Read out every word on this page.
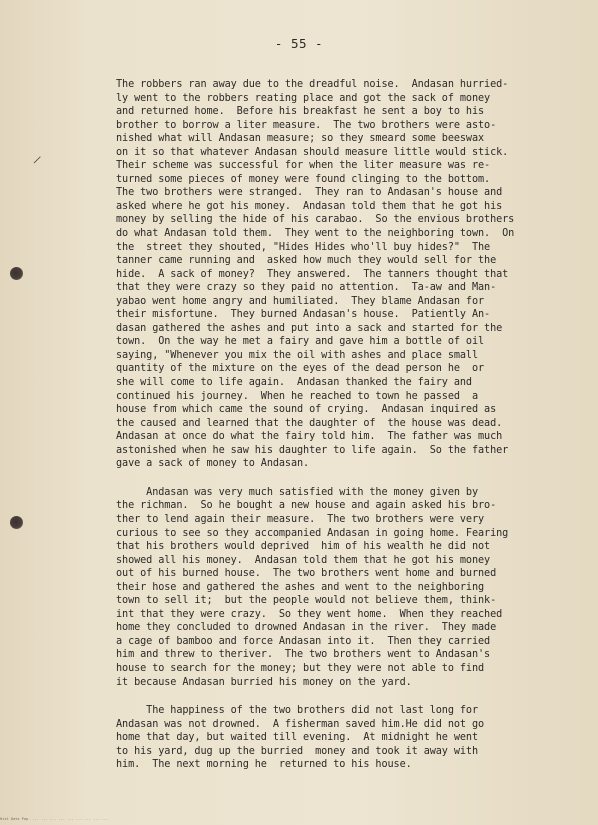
- 55 -
/
The robbers ran away due to the dreadful noise.  Andasan hurried-
ly went to the robbers reating place and got the sack of money
and returned home.  Before his breakfast he sent a boy to his
brother to borrow a liter measure.  The two brothers were asto-
nished what will Andasan measure; so they smeard some beeswax
on it so that whatever Andasan should measure little would stick.
Their scheme was successful for when the liter measure was re-
turned some pieces of money were found clinging to the bottom.
The two brothers were stranged.  They ran to Andasan's house and
asked where he got his money.  Andasan told them that he got his
money by selling the hide of his carabao.  So the envious brothers
do what Andasan told them.  They went to the neighboring town.  On
the  street they shouted, "Hides Hides who'll buy hides?"  The
tanner came running and  asked how much they would sell for the
hide.  A sack of money?  They answered.  The tanners thought that
that they were crazy so they paid no attention.  Ta-aw and Man-
yabao went home angry and humiliated.  They blame Andasan for
their misfortune.  They burned Andasan's house.  Patiently An-
dasan gathered the ashes and put into a sack and started for the
town.  On the way he met a fairy and gave him a bottle of oil
saying, "Whenever you mix the oil with ashes and place small
quantity of the mixture on the eyes of the dead person he  or
she will come to life again.  Andasan thanked the fairy and
continued his journey.  When he reached to town he passed  a
house from which came the sound of crying.  Andasan inquired as
the caused and learned that the daughter of  the house was dead.
Andasan at once do what the fairy told him.  The father was much
astonished when he saw his daughter to life again.  So the father
gave a sack of money to Andasan.
Andasan was very much satisfied with the money given by
the richman.  So he bought a new house and again asked his bro-
ther to lend again their measure.  The two brothers were very
curious to see so they accompanied Andasan in going home. Fearing
that his brothers would deprived  him of his wealth he did not
showed all his money.  Andasan told them that he got his money
out of his burned house.  The two brothers went home and burned
their hose and gathered the ashes and went to the neighboring
town to sell it;  but the people would not believe them, think-
int that they were crazy.  So they went home.  When they reached
home they concluded to drowned Andasan in the river.  They made
a cage of bamboo and force Andasan into it.  Then they carried
him and threw to theriver.  The two brothers went to Andasan's
house to search for the money; but they were not able to find
it because Andasan burried his money on the yard.
The happiness of the two brothers did not last long for
Andasan was not drowned.  A fisherman saved him.He did not go
home that day, but waited till evening.  At midnight he went
to his yard, dug up the burried  money and took it away with
him.  The next morning he  returned to his house.
Hist Data Pap. ... ... ... ... ... ... ... ... ...
